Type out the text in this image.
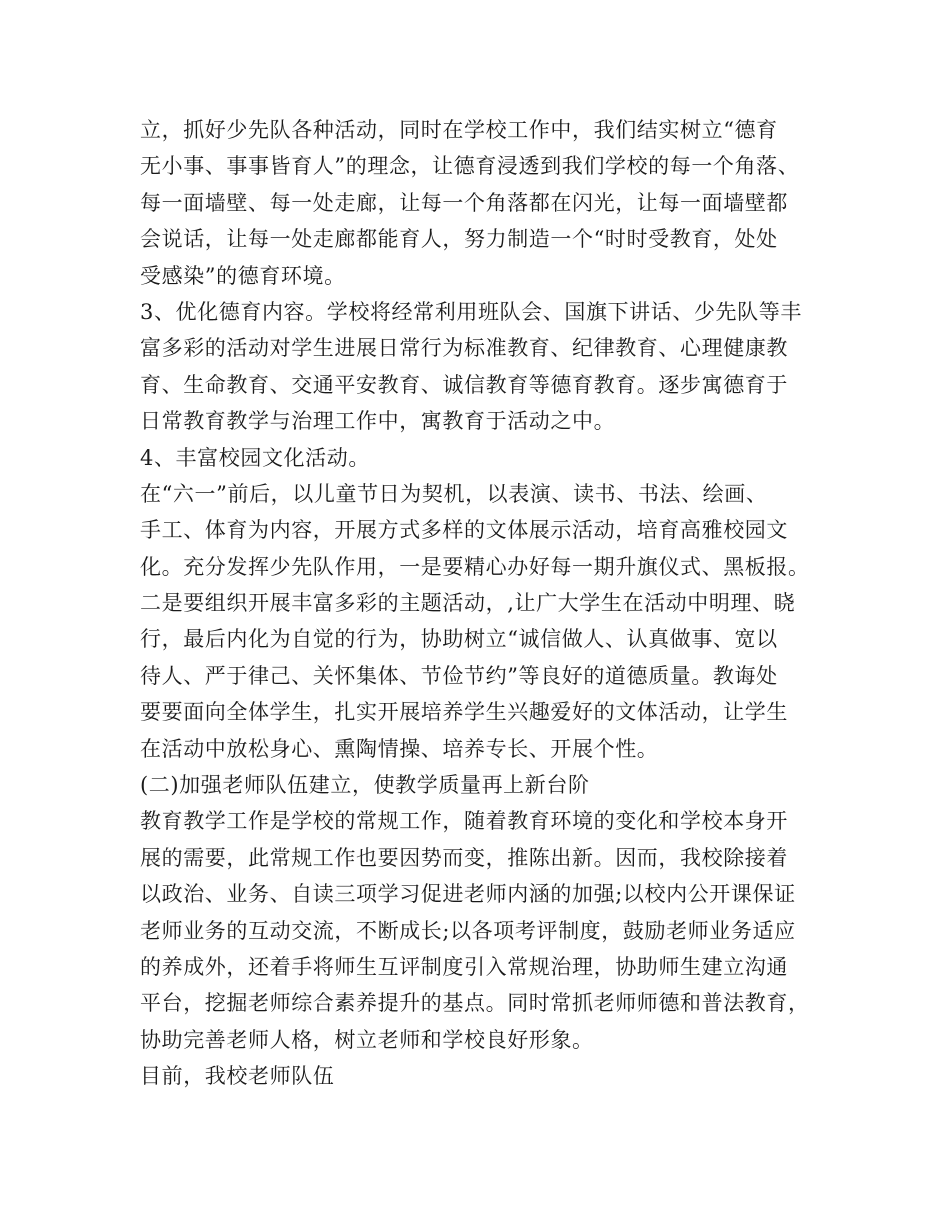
立，抓好少先队各种活动，同时在学校工作中，我们结实树立“德育
无小事、事事皆育人”的理念，让德育浸透到我们学校的每一个角落、
每一面墙壁、每一处走廊，让每一个角落都在闪光，让每一面墙壁都
会说话，让每一处走廊都能育人，努力制造一个“时时受教育，处处
受感染”的德育环境。
3、优化德育内容。学校将经常利用班队会、国旗下讲话、少先队等丰
富多彩的活动对学生进展日常行为标准教育、纪律教育、心理健康教
育、生命教育、交通平安教育、诚信教育等德育教育。逐步寓德育于
日常教育教学与治理工作中，寓教育于活动之中。
4、丰富校园文化活动。
在“六一”前后，以儿童节日为契机，以表演、读书、书法、绘画、
手工、体育为内容，开展方式多样的文体展示活动，培育高雅校园文
化。充分发挥少先队作用，一是要精心办好每一期升旗仪式、黑板报。
二是要组织开展丰富多彩的主题活动，,让广大学生在活动中明理、晓
行，最后内化为自觉的行为，协助树立“诚信做人、认真做事、宽以
待人、严于律己、关怀集体、节俭节约”等良好的道德质量。教诲处
要要面向全体学生，扎实开展培养学生兴趣爱好的文体活动，让学生
在活动中放松身心、熏陶情操、培养专长、开展个性。
(二)加强老师队伍建立，使教学质量再上新台阶
教育教学工作是学校的常规工作，随着教育环境的变化和学校本身开
展的需要，此常规工作也要因势而变，推陈出新。因而，我校除接着
以政治、业务、自读三项学习促进老师内涵的加强;以校内公开课保证
老师业务的互动交流，不断成长;以各项考评制度，鼓励老师业务适应
的养成外，还着手将师生互评制度引入常规治理，协助师生建立沟通
平台，挖掘老师综合素养提升的基点。同时常抓老师师德和普法教育，
协助完善老师人格，树立老师和学校良好形象。
目前，我校老师队伍
